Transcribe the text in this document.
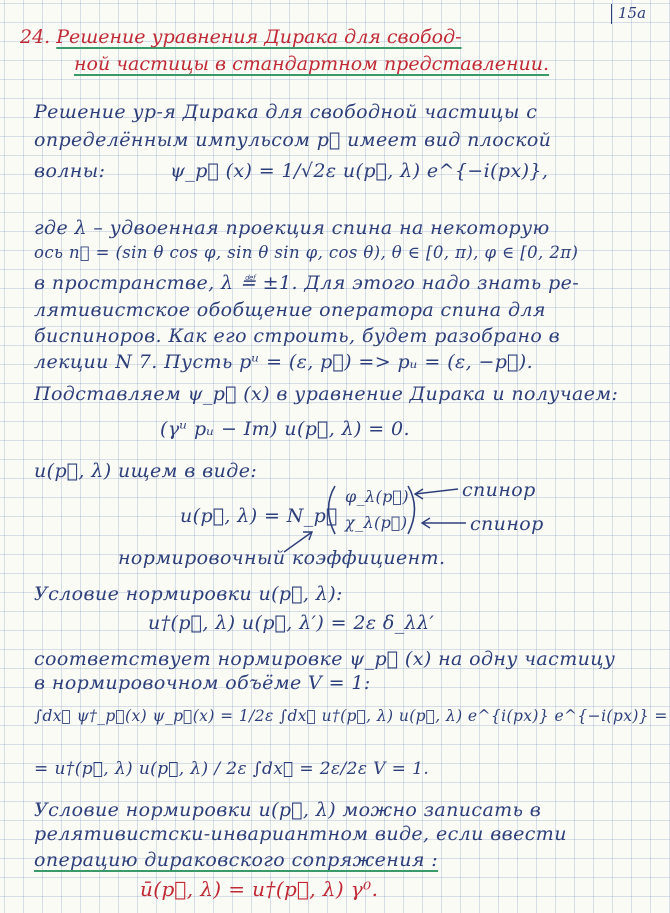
15a
24. Решение уравнения Дирака для свобод-
ной частицы в стандартном представлении.
Решение ур-я Дирака для свободной частицы с
определённым импульсом p⃗ имеет вид плоской
волны:	ψ_p⃗ (x) = 1/√2ε u(p⃗, λ) e^{−i(px)},
где λ – удвоенная проекция спина на некоторую
ось n⃗ = (sin θ cos φ, sin θ sin φ, cos θ), θ ∈ [0, π), φ ∈ [0, 2π)
в пространстве, λ ≝ ±1. Для этого надо знать ре-
лятивистское обобщение оператора спина для
биспиноров. Как его строить, будет разобрано в
лекции N 7. Пусть pᵘ = (ε, p⃗) => pᵤ = (ε, −p⃗).
Подставляем ψ_p⃗ (x) в уравнение Дирака и получаем:
(γᵘ pᵤ − Im) u(p⃗, λ) = 0.
u(p⃗, λ) ищем в виде:
u(p⃗, λ) = N_p⃗
φ_λ(p⃗)
χ_λ(p⃗)
спинор
спинор
нормировочный коэффициент.
Условие нормировки u(p⃗, λ):
u†(p⃗, λ) u(p⃗, λ′) = 2ε δ_λλ′
соответствует нормировке ψ_p⃗ (x) на одну частицу
в нормировочном объёме V = 1:
∫dx⃗ ψ†_p⃗(x) ψ_p⃗(x) = 1/2ε ∫dx⃗ u†(p⃗, λ) u(p⃗, λ) e^{i(px)} e^{−i(px)} =
= u†(p⃗, λ) u(p⃗, λ) / 2ε ∫dx⃗ = 2ε/2ε V = 1.
Условие нормировки u(p⃗, λ) можно записать в
релятивистски-инвариантном виде, если ввести
операцию дираковского сопряжения :
ū(p⃗, λ) = u†(p⃗, λ) γ⁰.
